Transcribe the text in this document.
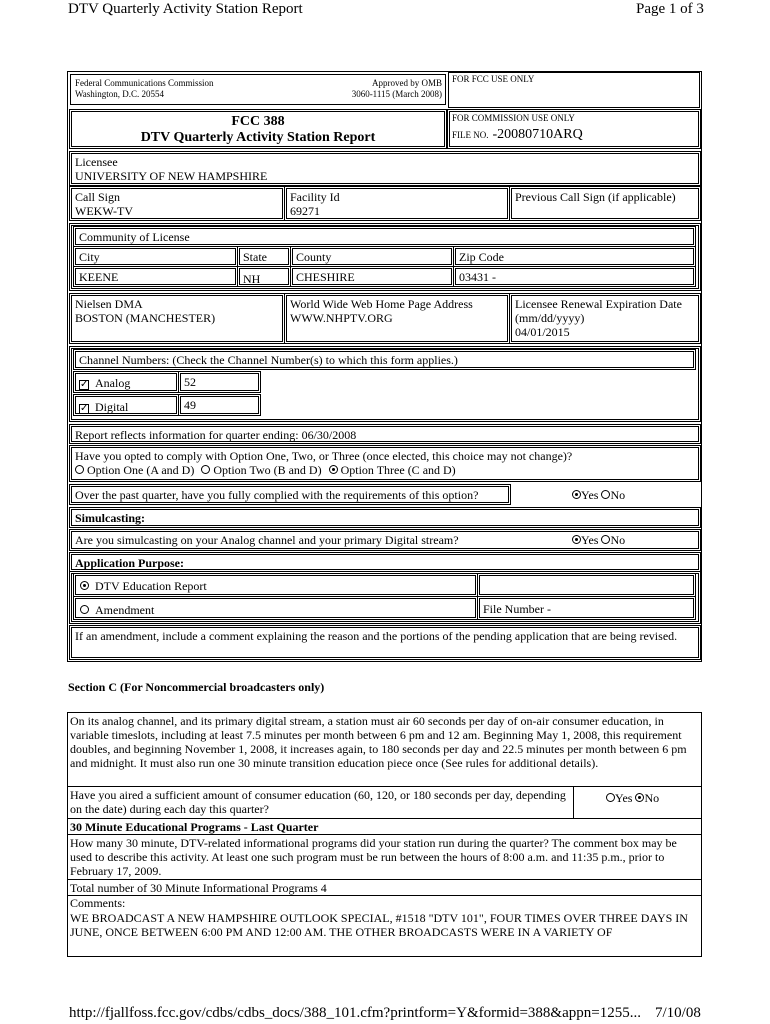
DTV Quarterly Activity Station Report	Page 1 of 3
Federal Communications Commission
Washington, D.C. 20554
Approved by OMB
3060-1115 (March 2008)
FOR FCC USE ONLY
FCC 388
DTV Quarterly Activity Station Report
FOR COMMISSION USE ONLY
FILE NO. -20080710ARQ
Licensee
UNIVERSITY OF NEW HAMPSHIRE
Call Sign
WEKW-TV
Facility Id
69271
Previous Call Sign (if applicable)
Community of License
City	State	County	Zip Code
KEENE	NH	CHESHIRE	03431 -
Nielsen DMA
BOSTON (MANCHESTER)
World Wide Web Home Page Address
WWW.NHPTV.ORG
Licensee Renewal Expiration Date
(mm/dd/yyyy)
04/01/2015
Channel Numbers: (Check the Channel Number(s) to which this form applies.)
✓ Analog	52
✓ Digital	49
Report reflects information for quarter ending: 06/30/2008
Have you opted to comply with Option One, Two, or Three (once elected, this choice may not change)?
Option One (A and D) Option Two (B and D) Option Three (C and D)
Over the past quarter, have you fully complied with the requirements of this option?	Yes No
Simulcasting:
Are you simulcasting on your Analog channel and your primary Digital stream?	Yes No
Application Purpose:
DTV Education Report
Amendment	File Number -
If an amendment, include a comment explaining the reason and the portions of the pending application that are being revised.
Section C (For Noncommercial broadcasters only)
On its analog channel, and its primary digital stream, a station must air 60 seconds per day of on-air consumer education, in variable timeslots, including at least 7.5 minutes per month between 6 pm and 12 am. Beginning May 1, 2008, this requirement doubles, and beginning November 1, 2008, it increases again, to 180 seconds per day and 22.5 minutes per month between 6 pm and midnight. It must also run one 30 minute transition education piece once (See rules for additional details).
Have you aired a sufficient amount of consumer education (60, 120, or 180 seconds per day, depending on the date) during each day this quarter?
Yes No
30 Minute Educational Programs - Last Quarter
How many 30 minute, DTV-related informational programs did your station run during the quarter? The comment box may be used to describe this activity. At least one such program must be run between the hours of 8:00 a.m. and 11:35 p.m., prior to February 17, 2009.
Total number of 30 Minute Informational Programs 4
Comments:
WE BROADCAST A NEW HAMPSHIRE OUTLOOK SPECIAL, #1518 "DTV 101", FOUR TIMES OVER THREE DAYS IN JUNE, ONCE BETWEEN 6:00 PM AND 12:00 AM. THE OTHER BROADCASTS WERE IN A VARIETY OF
http://fjallfoss.fcc.gov/cdbs/cdbs_docs/388_101.cfm?printform=Y&formid=388&appn=1255... 7/10/08
